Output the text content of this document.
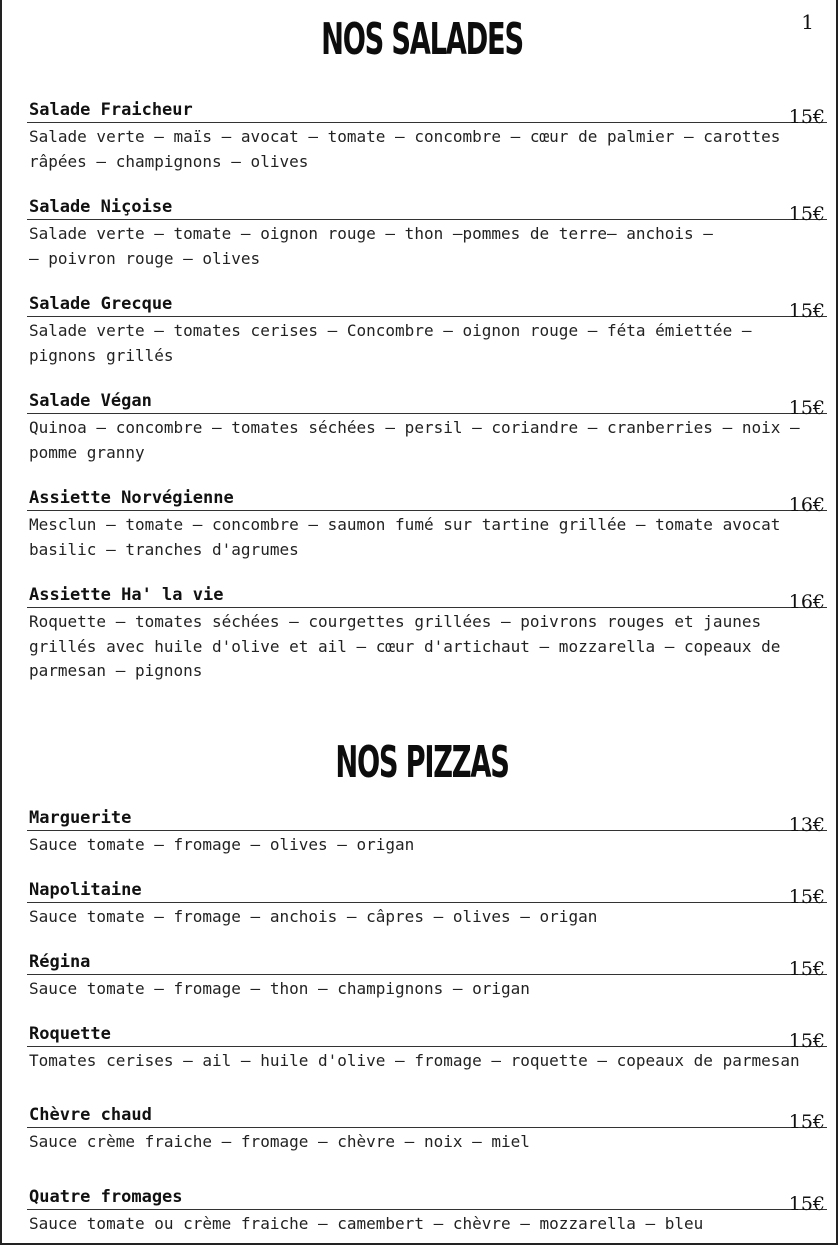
1
NOS SALADES
Salade Fraicheur	15€
Salade verte – maïs – avocat – tomate – concombre – cœur de palmier – carottes
râpées – champignons – olives
Salade Niçoise	15€
Salade verte – tomate – oignon rouge – thon –pommes de terre– anchois –
– poivron rouge – olives
Salade Grecque	15€
Salade verte – tomates cerises – Concombre – oignon rouge – féta émiettée –
pignons grillés
Salade Végan	15€
Quinoa – concombre – tomates séchées – persil – coriandre – cranberries – noix –
pomme granny
Assiette Norvégienne	16€
Mesclun – tomate – concombre – saumon fumé sur tartine grillée – tomate avocat
basilic – tranches d'agrumes
Assiette Ha' la vie	16€
Roquette – tomates séchées – courgettes grillées – poivrons rouges et jaunes
grillés avec huile d'olive et ail – cœur d'artichaut – mozzarella – copeaux de
parmesan – pignons
NOS PIZZAS
Marguerite	13€
Sauce tomate – fromage – olives – origan
Napolitaine	15€
Sauce tomate – fromage – anchois – câpres – olives – origan
Régina	15€
Sauce tomate – fromage – thon – champignons – origan
Roquette	15€
Tomates cerises – ail – huile d'olive – fromage – roquette – copeaux de parmesan
Chèvre chaud	15€
Sauce crème fraiche – fromage – chèvre – noix – miel
Quatre fromages	15€
Sauce tomate ou crème fraiche – camembert – chèvre – mozzarella – bleu
